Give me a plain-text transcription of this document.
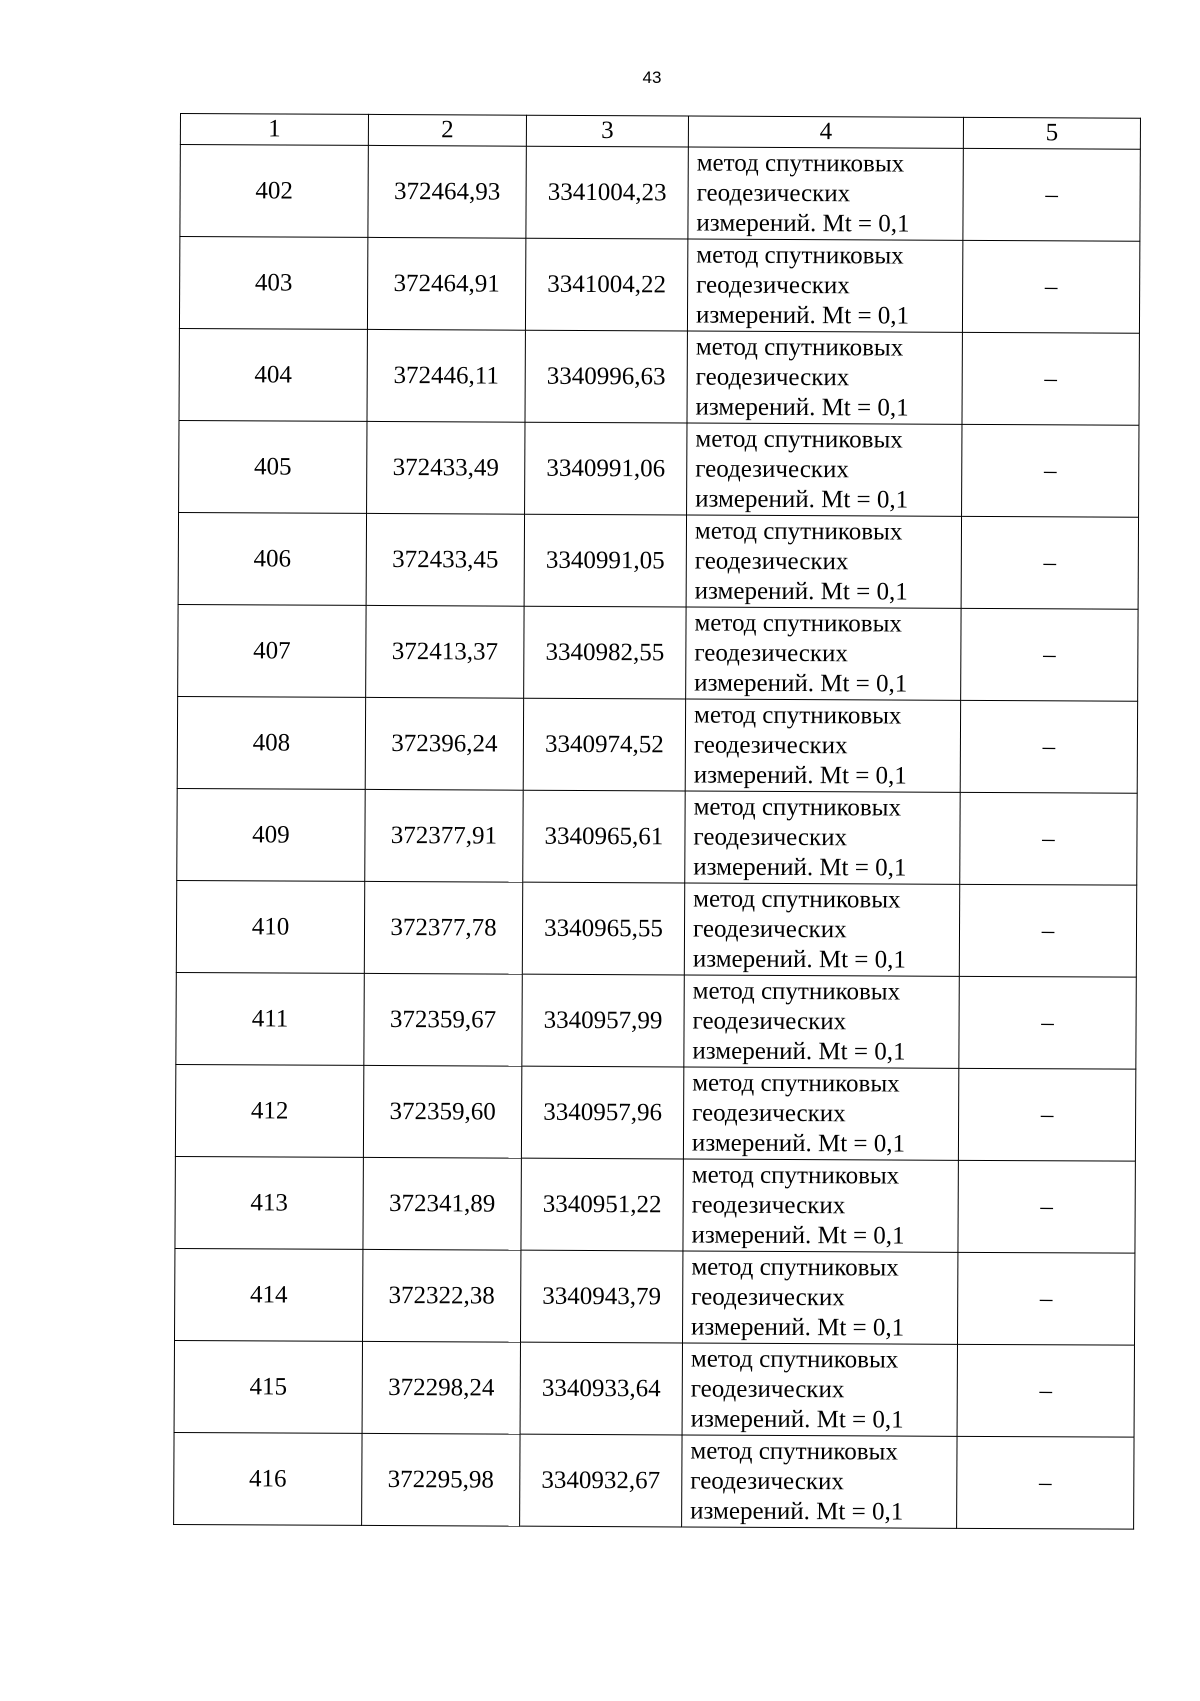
43
1	2	3	4	5
402	372464,93	3341004,23	метод спутниковых
геодезических
измерений. Mt = 0,1	–
403	372464,91	3341004,22	метод спутниковых
геодезических
измерений. Mt = 0,1	–
404	372446,11	3340996,63	метод спутниковых
геодезических
измерений. Mt = 0,1	–
405	372433,49	3340991,06	метод спутниковых
геодезических
измерений. Mt = 0,1	–
406	372433,45	3340991,05	метод спутниковых
геодезических
измерений. Mt = 0,1	–
407	372413,37	3340982,55	метод спутниковых
геодезических
измерений. Mt = 0,1	–
408	372396,24	3340974,52	метод спутниковых
геодезических
измерений. Mt = 0,1	–
409	372377,91	3340965,61	метод спутниковых
геодезических
измерений. Mt = 0,1	–
410	372377,78	3340965,55	метод спутниковых
геодезических
измерений. Mt = 0,1	–
411	372359,67	3340957,99	метод спутниковых
геодезических
измерений. Mt = 0,1	–
412	372359,60	3340957,96	метод спутниковых
геодезических
измерений. Mt = 0,1	–
413	372341,89	3340951,22	метод спутниковых
геодезических
измерений. Mt = 0,1	–
414	372322,38	3340943,79	метод спутниковых
геодезических
измерений. Mt = 0,1	–
415	372298,24	3340933,64	метод спутниковых
геодезических
измерений. Mt = 0,1	–
416	372295,98	3340932,67	метод спутниковых
геодезических
измерений. Mt = 0,1	–
